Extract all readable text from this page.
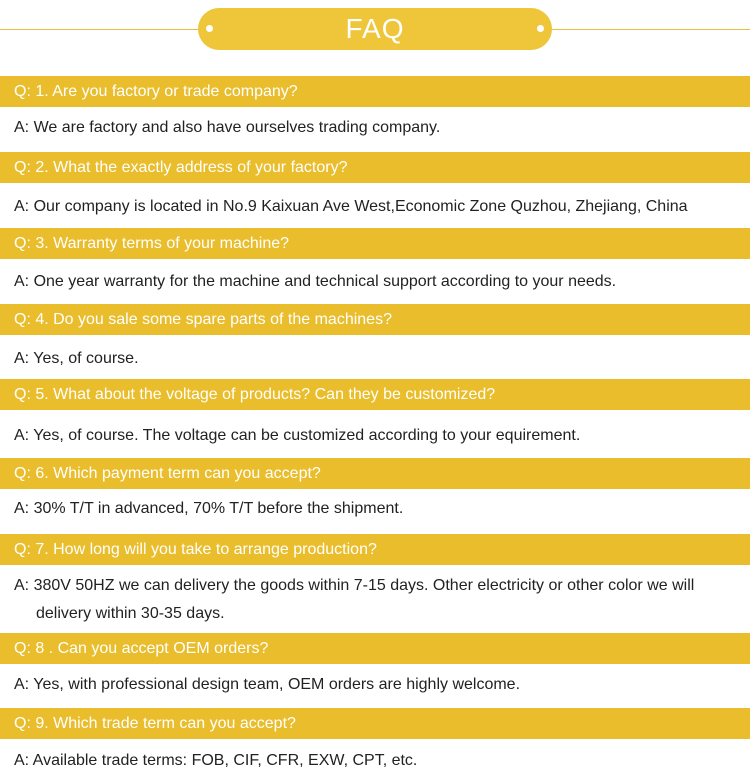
FAQ
Q: 1. Are you factory or trade company?
A: We are factory and also have ourselves trading company.
Q: 2. What the exactly address of your factory?
A: Our company is located in No.9 Kaixuan Ave West,Economic Zone Quzhou, Zhejiang, China
Q: 3. Warranty terms of your machine?
A: One year warranty for the machine and technical support according to your needs.
Q: 4. Do you sale some spare parts of the machines?
A: Yes, of course.
Q: 5. What about the voltage of products? Can they be customized?
A: Yes, of course. The voltage can be customized according to your equirement.
Q: 6. Which payment term can you accept?
A: 30% T/T in advanced, 70% T/T before the shipment.
Q: 7. How long will you take to arrange production?
A: 380V 50HZ we can delivery the goods within 7-15 days. Other electricity or other color we will delivery within 30-35 days.
Q: 8 . Can you accept OEM orders?
A: Yes, with professional design team, OEM orders are highly welcome.
Q: 9. Which trade term can you accept?
A: Available trade terms: FOB, CIF, CFR, EXW, CPT, etc.
